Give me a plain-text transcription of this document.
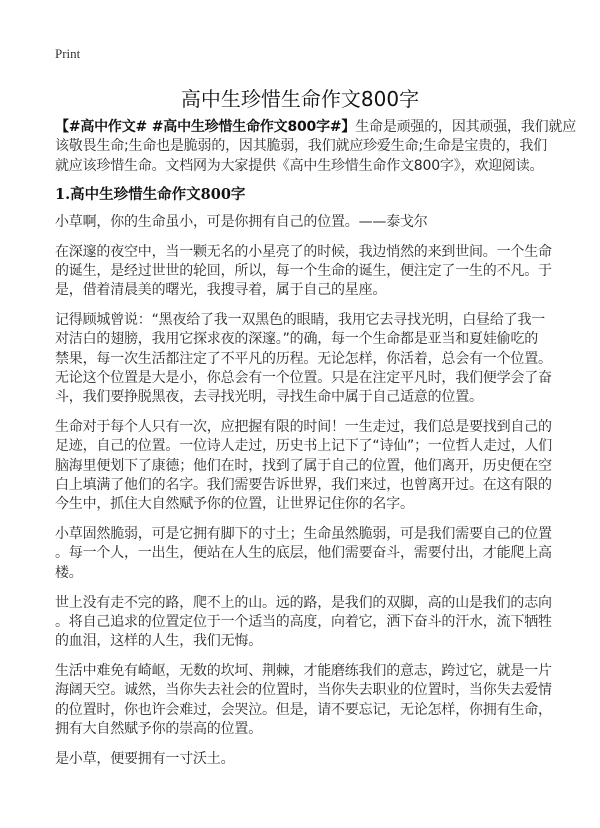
Print
高中生珍惜生命作文800字
【#高中作文# #高中生珍惜生命作文800字#】生命是顽强的，因其顽强，我们就应
该敬畏生命;生命也是脆弱的，因其脆弱，我们就应珍爱生命;生命是宝贵的，我们
就应该珍惜生命。文档网为大家提供《高中生珍惜生命作文800字》，欢迎阅读。
1.高中生珍惜生命作文800字
小草啊，你的生命虽小，可是你拥有自己的位置。——泰戈尔
在深邃的夜空中，当一颗无名的小星亮了的时候，我边悄然的来到世间。一个生命
的诞生，是经过世世的轮回，所以，每一个生命的诞生，便注定了一生的不凡。于
是，借着清晨美的曙光，我搜寻着，属于自己的星座。
记得顾城曾说：“黑夜给了我一双黑色的眼睛，我用它去寻找光明，白昼给了我一
对洁白的翅膀，我用它探求夜的深邃。”的确，每一个生命都是亚当和夏娃偷吃的
禁果，每一次生活都注定了不平凡的历程。无论怎样，你活着，总会有一个位置。
无论这个位置是大是小，你总会有一个位置。只是在注定平凡时，我们便学会了奋
斗，我们要挣脱黑夜，去寻找光明，寻找生命中属于自己适意的位置。
生命对于每个人只有一次，应把握有限的时间！一生走过，我们总是要找到自己的
足迹，自己的位置。一位诗人走过，历史书上记下了“诗仙”；一位哲人走过，人们
脑海里便划下了康德；他们在时，找到了属于自己的位置，他们离开，历史便在空
白上填满了他们的名字。我们需要告诉世界，我们来过，也曾离开过。在这有限的
今生中，抓住大自然赋予你的位置，让世界记住你的名字。
小草固然脆弱，可是它拥有脚下的寸土；生命虽然脆弱，可是我们需要自己的位置
。每一个人，一出生，便站在人生的底层，他们需要奋斗，需要付出，才能爬上高
楼。
世上没有走不完的路，爬不上的山。远的路，是我们的双脚，高的山是我们的志向
。将自己追求的位置定位于一个适当的高度，向着它，洒下奋斗的汗水，流下牺牲
的血泪，这样的人生，我们无悔。
生活中难免有崎岖，无数的坎坷、荆棘，才能磨练我们的意志，跨过它，就是一片
海阔天空。诚然，当你失去社会的位置时，当你失去职业的位置时，当你失去爱情
的位置时，你也许会难过，会哭泣。但是，请不要忘记，无论怎样，你拥有生命，
拥有大自然赋予你的崇高的位置。
是小草，便要拥有一寸沃土。
